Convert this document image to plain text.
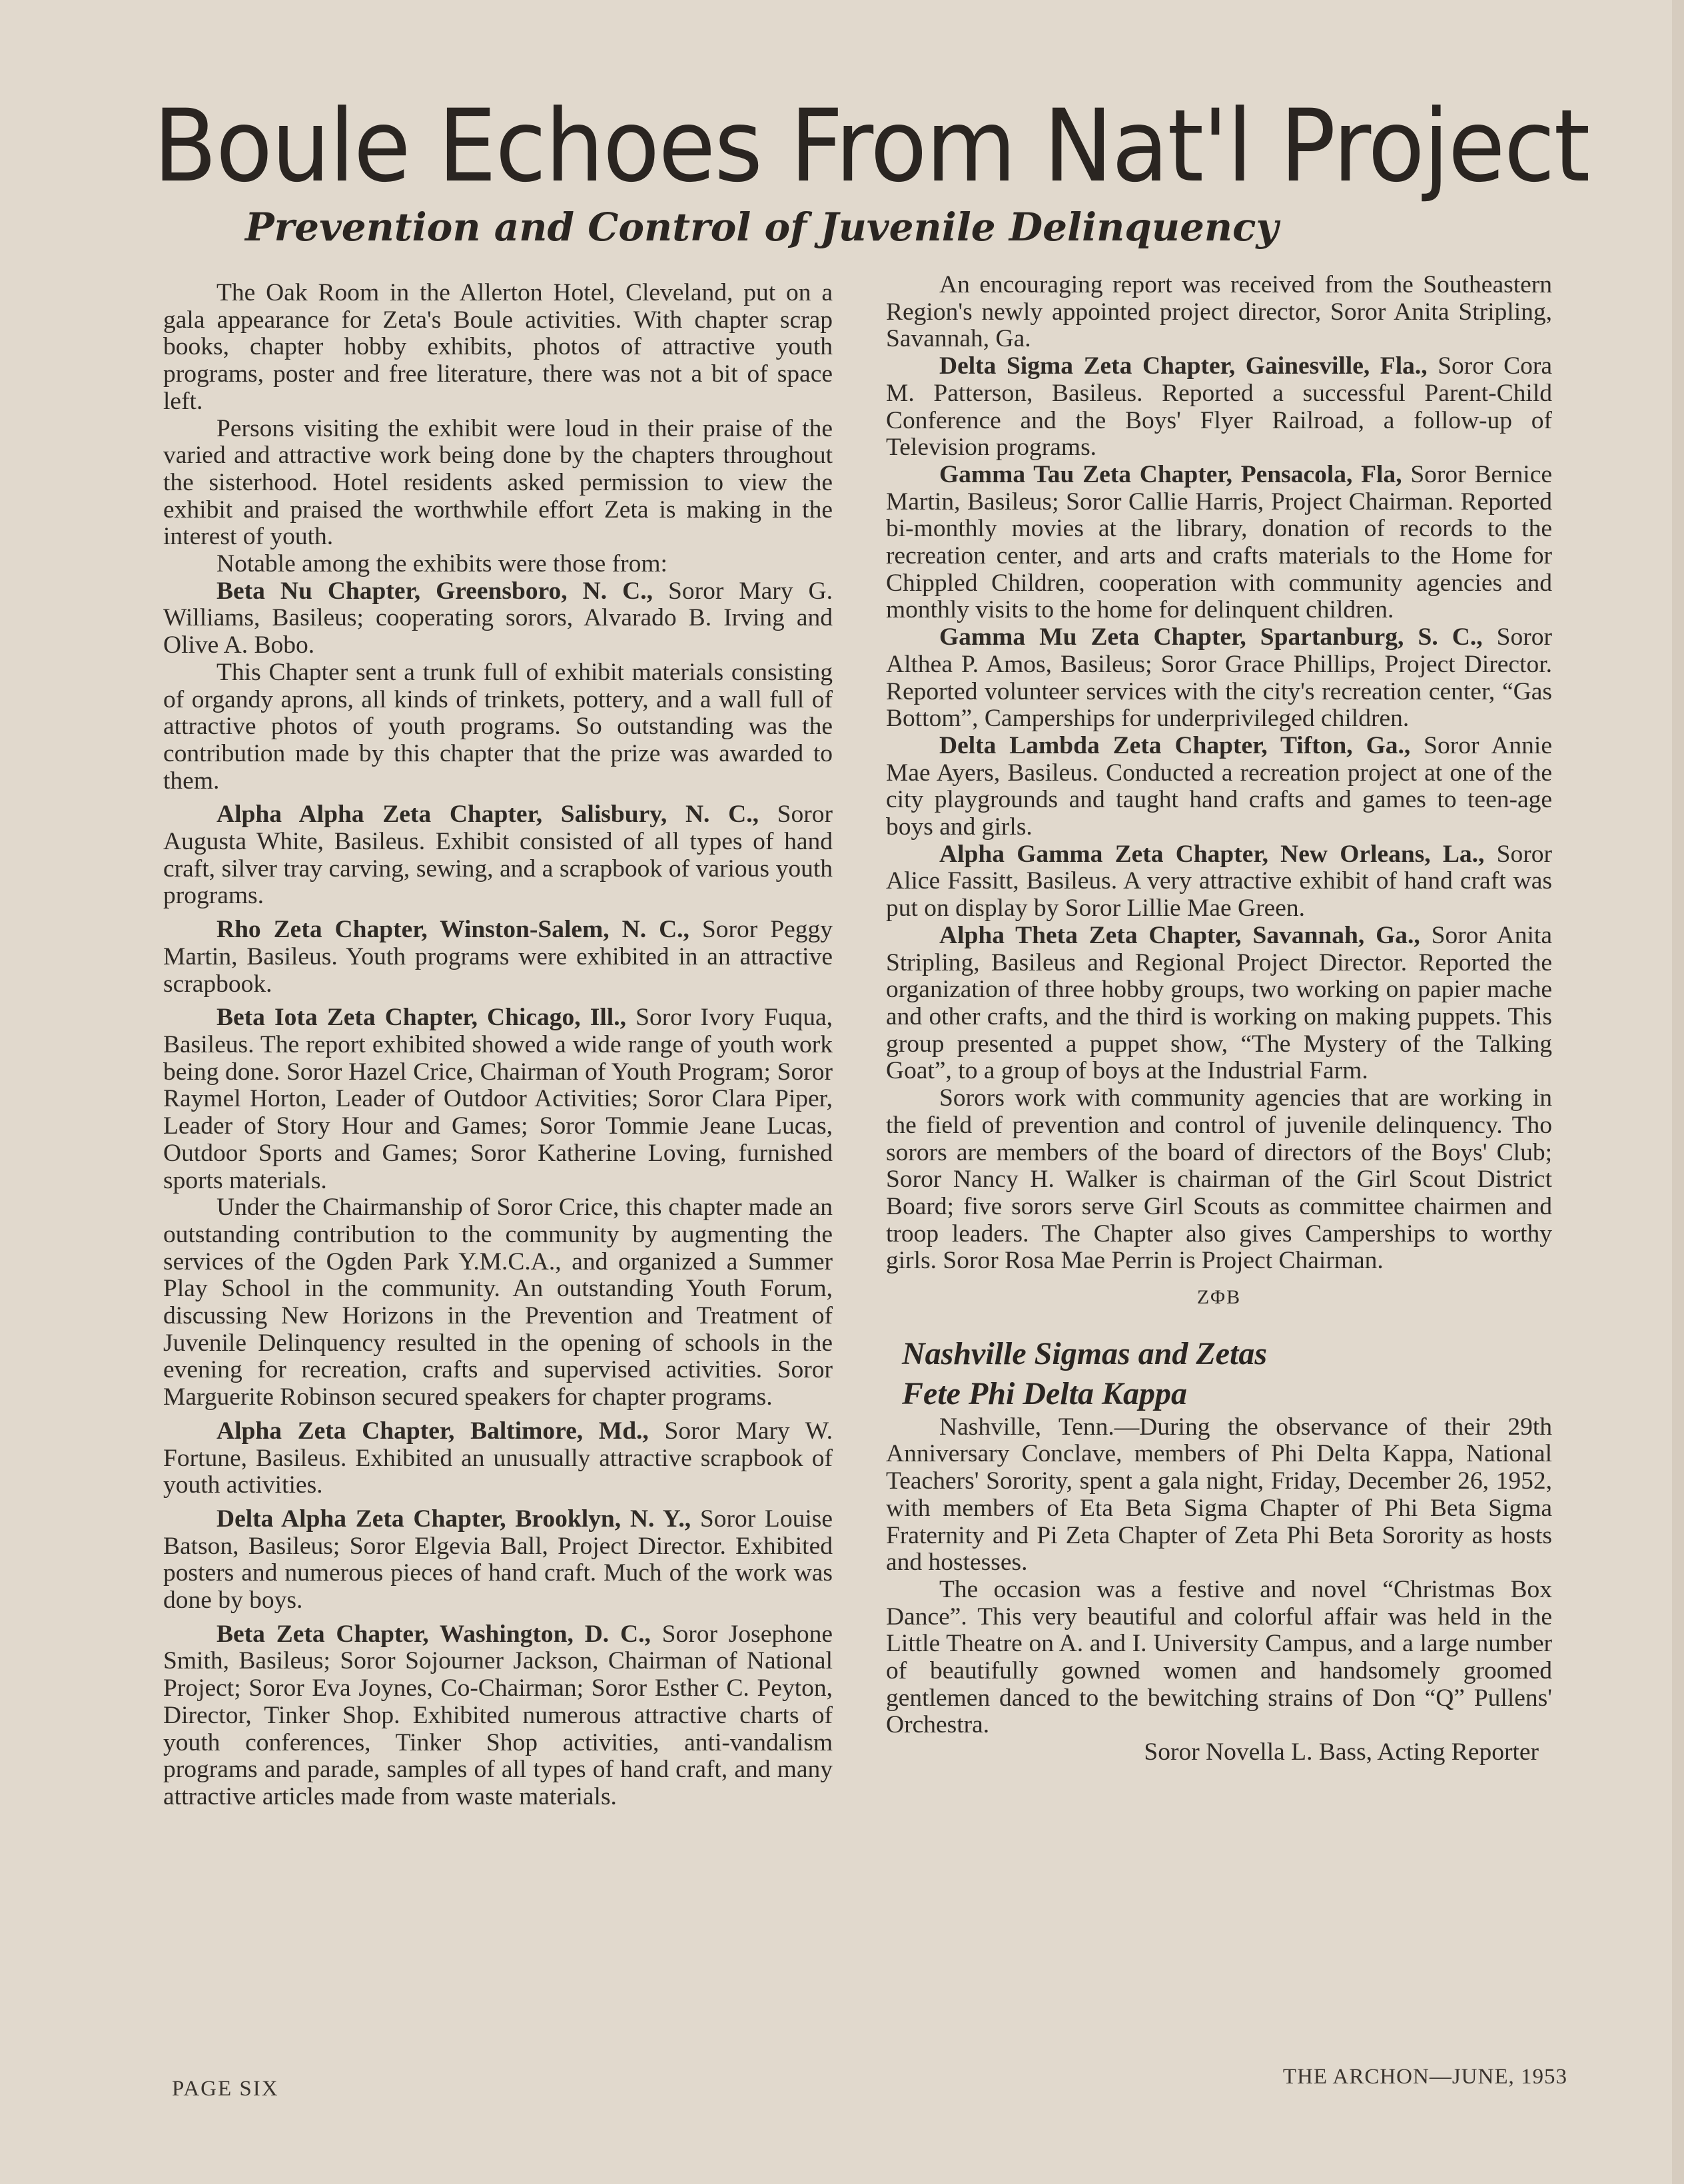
Boule Echoes From Nat'l Project
Prevention and Control of Juvenile Delinquency

The Oak Room in the Allerton Hotel, Cleveland, put on a gala appearance for Zeta's Boule activities. With chapter scrap books, chapter hobby exhibits, photos of attractive youth programs, poster and free literature, there was not a bit of space left.

Persons visiting the exhibit were loud in their praise of the varied and attractive work being done by the chapters throughout the sisterhood. Hotel residents asked permission to view the exhibit and praised the worthwhile effort Zeta is making in the interest of youth.

Notable among the exhibits were those from:

Beta Nu Chapter, Greensboro, N. C., Soror Mary G. Williams, Basileus; cooperating sorors, Alvarado B. Irving and Olive A. Bobo.

This Chapter sent a trunk full of exhibit materials consisting of organdy aprons, all kinds of trinkets, pottery, and a wall full of attractive photos of youth programs. So outstanding was the contribution made by this chapter that the prize was awarded to them.

Alpha Alpha Zeta Chapter, Salisbury, N. C., Soror Augusta White, Basileus. Exhibit consisted of all types of hand craft, silver tray carving, sewing, and a scrapbook of various youth programs.

Rho Zeta Chapter, Winston-Salem, N. C., Soror Peggy Martin, Basileus. Youth programs were exhibited in an attractive scrapbook.

Beta Iota Zeta Chapter, Chicago, Ill., Soror Ivory Fuqua, Basileus. The report exhibited showed a wide range of youth work being done. Soror Hazel Crice, Chairman of Youth Program; Soror Raymel Horton, Leader of Outdoor Activities; Soror Clara Piper, Leader of Story Hour and Games; Soror Tommie Jeane Lucas, Outdoor Sports and Games; Soror Katherine Loving, furnished sports materials.

Under the Chairmanship of Soror Crice, this chapter made an outstanding contribution to the community by augmenting the services of the Ogden Park Y.M.C.A., and organized a Summer Play School in the community. An outstanding Youth Forum, discussing New Horizons in the Prevention and Treatment of Juvenile Delinquency resulted in the opening of schools in the evening for recreation, crafts and supervised activities. Soror Marguerite Robinson secured speakers for chapter programs.

Alpha Zeta Chapter, Baltimore, Md., Soror Mary W. Fortune, Basileus. Exhibited an unusually attractive scrapbook of youth activities.

Delta Alpha Zeta Chapter, Brooklyn, N. Y., Soror Louise Batson, Basileus; Soror Elgevia Ball, Project Director. Exhibited posters and numerous pieces of hand craft. Much of the work was done by boys.

Beta Zeta Chapter, Washington, D. C., Soror Josephone Smith, Basileus; Soror Sojourner Jackson, Chairman of National Project; Soror Eva Joynes, Co-Chairman; Soror Esther C. Peyton, Director, Tinker Shop. Exhibited numerous attractive charts of youth conferences, Tinker Shop activities, anti-vandalism programs and parade, samples of all types of hand craft, and many attractive articles made from waste materials.

An encouraging report was received from the Southeastern Region's newly appointed project director, Soror Anita Stripling, Savannah, Ga.

Delta Sigma Zeta Chapter, Gainesville, Fla., Soror Cora M. Patterson, Basileus. Reported a successful Parent-Child Conference and the Boys' Flyer Railroad, a follow-up of Television programs.

Gamma Tau Zeta Chapter, Pensacola, Fla, Soror Bernice Martin, Basileus; Soror Callie Harris, Project Chairman. Reported bi-monthly movies at the library, donation of records to the recreation center, and arts and crafts materials to the Home for Chippled Children, cooperation with community agencies and monthly visits to the home for delinquent children.

Gamma Mu Zeta Chapter, Spartanburg, S. C., Soror Althea P. Amos, Basileus; Soror Grace Phillips, Project Director. Reported volunteer services with the city's recreation center, “Gas Bottom”, Camperships for underprivileged children.

Delta Lambda Zeta Chapter, Tifton, Ga., Soror Annie Mae Ayers, Basileus. Conducted a recreation project at one of the city playgrounds and taught hand crafts and games to teen-age boys and girls.

Alpha Gamma Zeta Chapter, New Orleans, La., Soror Alice Fassitt, Basileus. A very attractive exhibit of hand craft was put on display by Soror Lillie Mae Green.

Alpha Theta Zeta Chapter, Savannah, Ga., Soror Anita Stripling, Basileus and Regional Project Director. Reported the organization of three hobby groups, two working on papier mache and other crafts, and the third is working on making puppets. This group presented a puppet show, “The Mystery of the Talking Goat”, to a group of boys at the Industrial Farm.

Sorors work with community agencies that are working in the field of prevention and control of juvenile delinquency. Tho sorors are members of the board of directors of the Boys' Club; Soror Nancy H. Walker is chairman of the Girl Scout District Board; five sorors serve Girl Scouts as committee chairmen and troop leaders. The Chapter also gives Camperships to worthy girls. Soror Rosa Mae Perrin is Project Chairman.

ZΦB

Nashville Sigmas and Zetas
Fete Phi Delta Kappa

Nashville, Tenn.—During the observance of their 29th Anniversary Conclave, members of Phi Delta Kappa, National Teachers' Sorority, spent a gala night, Friday, December 26, 1952, with members of Eta Beta Sigma Chapter of Phi Beta Sigma Fraternity and Pi Zeta Chapter of Zeta Phi Beta Sorority as hosts and hostesses.

The occasion was a festive and novel “Christmas Box Dance”. This very beautiful and colorful affair was held in the Little Theatre on A. and I. University Campus, and a large number of beautifully gowned women and handsomely groomed gentlemen danced to the bewitching strains of Don “Q” Pullens' Orchestra.

Soror Novella L. Bass, Acting Reporter

PAGE SIX	THE ARCHON—JUNE, 1953
